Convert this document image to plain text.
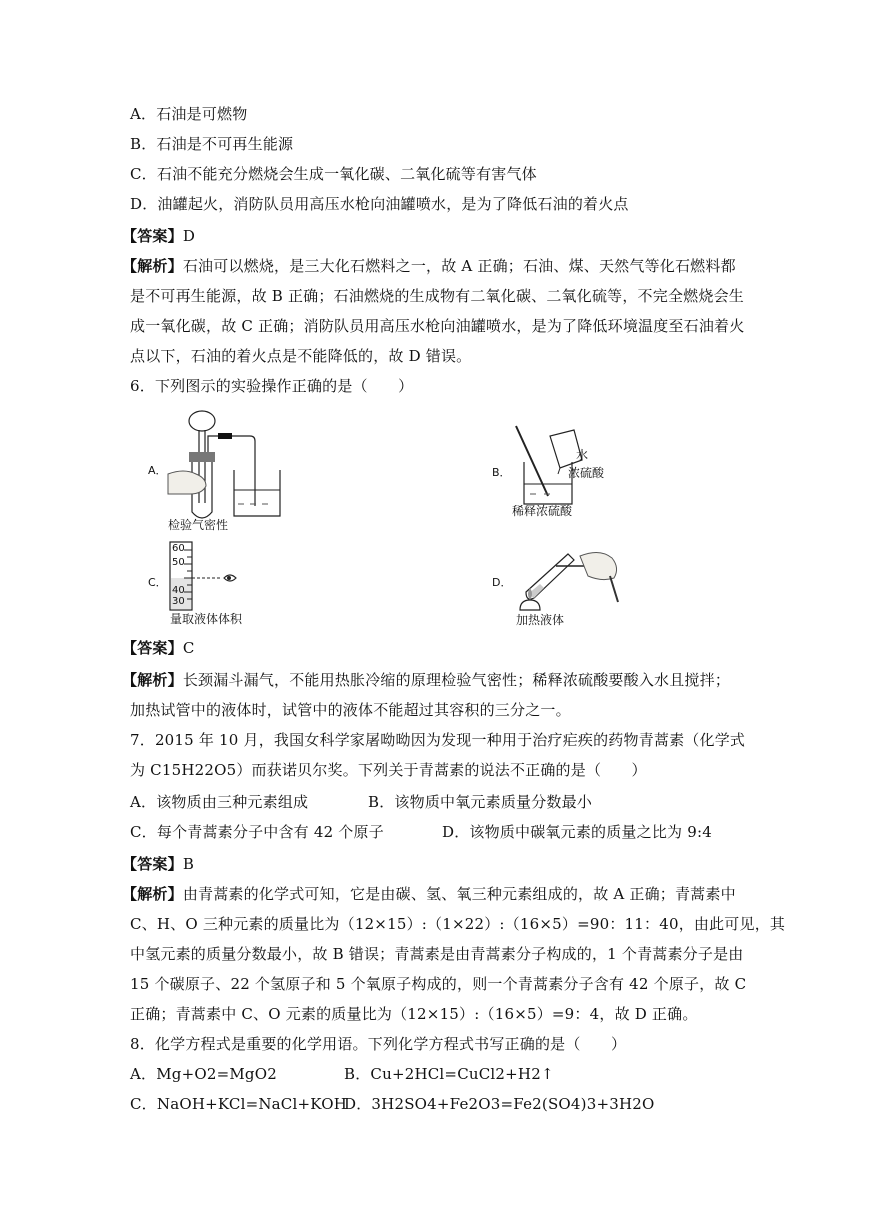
A．石油是可燃物
B．石油是不可再生能源
C．石油不能充分燃烧会生成一氧化碳、二氧化硫等有害气体
D．油罐起火，消防队员用高压水枪向油罐喷水，是为了降低石油的着火点
【答案】D
【解析】石油可以燃烧，是三大化石燃料之一，故 A 正确；石油、煤、天然气等化石燃料都
是不可再生能源，故 B 正确；石油燃烧的生成物有二氧化碳、二氧化硫等，不完全燃烧会生
成一氧化碳，故 C 正确；消防队员用高压水枪向油罐喷水，是为了降低环境温度至石油着火
点以下，石油的着火点是不能降低的，故 D 错误。
6．下列图示的实验操作正确的是（　　）
A．
检验气密性
B．
水
浓硫酸
稀释浓硫酸
C．
60
50
40
30
量取液体体积
D．
加热液体
【答案】C
【解析】长颈漏斗漏气，不能用热胀冷缩的原理检验气密性；稀释浓硫酸要酸入水且搅拌；
加热试管中的液体时，试管中的液体不能超过其容积的三分之一。
7．2015 年 10 月，我国女科学家屠呦呦因为发现一种用于治疗疟疾的药物青蒿素（化学式
为 C15H22O5）而获诺贝尔奖。下列关于青蒿素的说法不正确的是（　　）
A．该物质由三种元素组成	B．该物质中氧元素质量分数最小
C．每个青蒿素分子中含有 42 个原子	D．该物质中碳氧元素的质量之比为 9:4
【答案】B
【解析】由青蒿素的化学式可知，它是由碳、氢、氧三种元素组成的，故 A 正确；青蒿素中
C、H、O 三种元素的质量比为（12×15）:（1×22）:（16×5）=90：11：40，由此可见，其
中氢元素的质量分数最小，故 B 错误；青蒿素是由青蒿素分子构成的，1 个青蒿素分子是由
15 个碳原子、22 个氢原子和 5 个氧原子构成的，则一个青蒿素分子含有 42 个原子，故 C
正确；青蒿素中 C、O 元素的质量比为（12×15）:（16×5）=9：4，故 D 正确。
8．化学方程式是重要的化学用语。下列化学方程式书写正确的是（　　）
A．Mg+O2=MgO2	B．Cu+2HCl=CuCl2+H2↑
C．NaOH+KCl=NaCl+KOH
D．3H2SO4+Fe2O3=Fe2(SO4)3+3H2O
